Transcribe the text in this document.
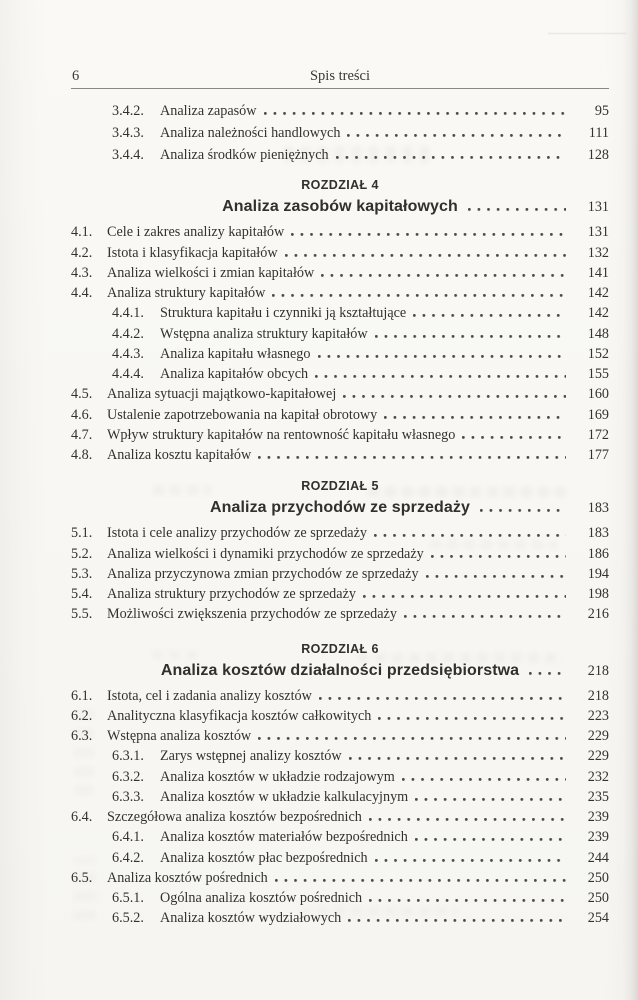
6	Spis treści
3.4.2.	Analiza zapasów	95
3.4.3.	Analiza należności handlowych	111
3.4.4.	Analiza środków pieniężnych	128
ROZDZIAŁ 4
Analiza zasobów kapitałowych	131
4.1.	Cele i zakres analizy kapitałów	131
4.2.	Istota i klasyfikacja kapitałów	132
4.3.	Analiza wielkości i zmian kapitałów	141
4.4.	Analiza struktury kapitałów	142
4.4.1.	Struktura kapitału i czynniki ją kształtujące	142
4.4.2.	Wstępna analiza struktury kapitałów	148
4.4.3.	Analiza kapitału własnego	152
4.4.4.	Analiza kapitałów obcych	155
4.5.	Analiza sytuacji majątkowo-kapitałowej	160
4.6.	Ustalenie zapotrzebowania na kapitał obrotowy	169
4.7.	Wpływ struktury kapitałów na rentowność kapitału własnego	172
4.8.	Analiza kosztu kapitałów	177
ROZDZIAŁ 5
Analiza przychodów ze sprzedaży	183
5.1.	Istota i cele analizy przychodów ze sprzedaży	183
5.2.	Analiza wielkości i dynamiki przychodów ze sprzedaży	186
5.3.	Analiza przyczynowa zmian przychodów ze sprzedaży	194
5.4.	Analiza struktury przychodów ze sprzedaży	198
5.5.	Możliwości zwiększenia przychodów ze sprzedaży	216
ROZDZIAŁ 6
Analiza kosztów działalności przedsiębiorstwa	218
6.1.	Istota, cel i zadania analizy kosztów	218
6.2.	Analityczna klasyfikacja kosztów całkowitych	223
6.3.	Wstępna analiza kosztów	229
6.3.1.	Zarys wstępnej analizy kosztów	229
6.3.2.	Analiza kosztów w układzie rodzajowym	232
6.3.3.	Analiza kosztów w układzie kalkulacyjnym	235
6.4.	Szczegółowa analiza kosztów bezpośrednich	239
6.4.1.	Analiza kosztów materiałów bezpośrednich	239
6.4.2.	Analiza kosztów płac bezpośrednich	244
6.5.	Analiza kosztów pośrednich	250
6.5.1.	Ogólna analiza kosztów pośrednich	250
6.5.2.	Analiza kosztów wydziałowych	254
